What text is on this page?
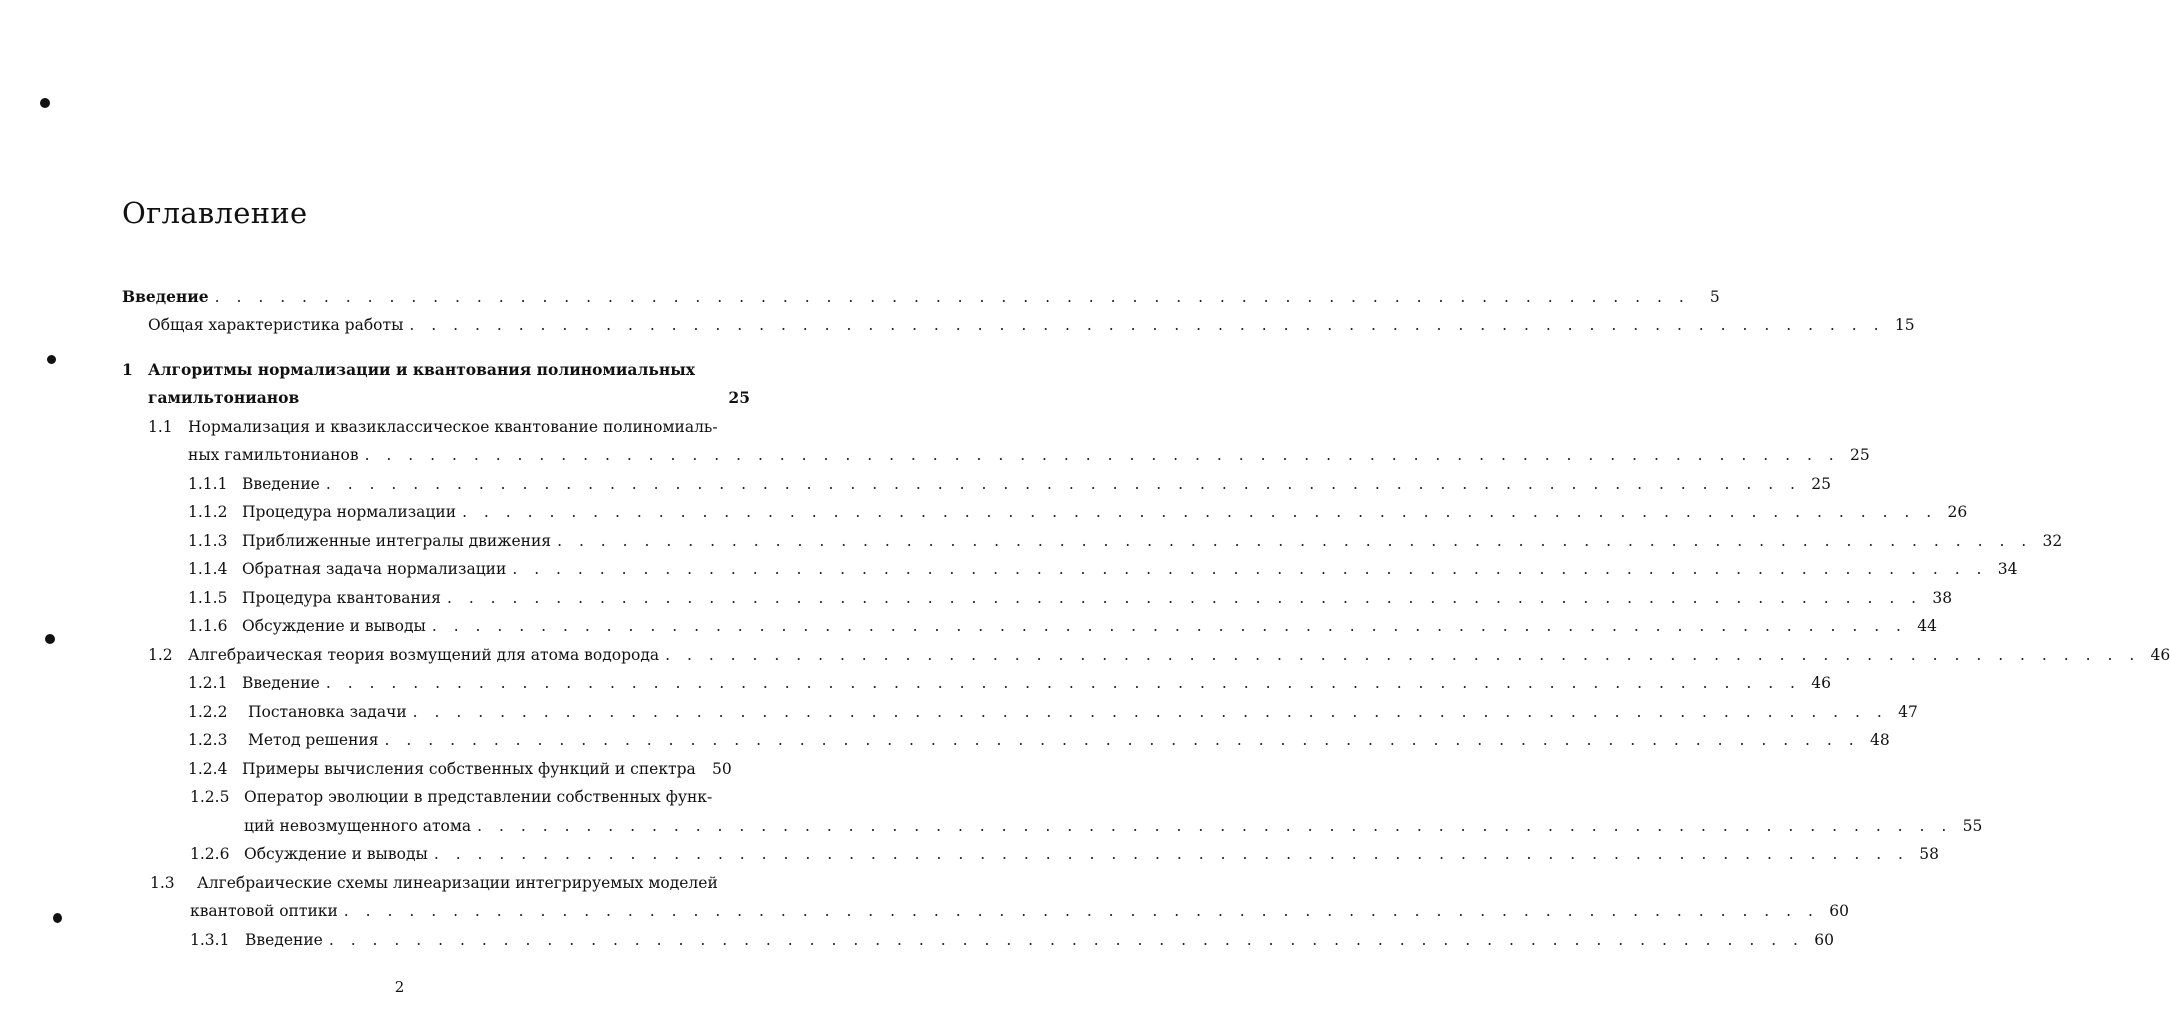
Оглавление
Введение . . .	5
Общая характеристика работы . . .	15
1 Алгоритмы нормализации и квантования полиномиальных
гамильтонианов	25
1.1 Нормализация и квазиклассическое квантование полиномиаль-
ных гамильтонианов . . .	25
1.1.1 Введение . . .	25
1.1.2 Процедура нормализации . . .	26
1.1.3 Приближенные интегралы движения . . .	32
1.1.4 Обратная задача нормализации . . .	34
1.1.5 Процедура квантования . . .	38
1.1.6 Обсуждение и выводы . . .	44
1.2 Алгебраическая теория возмущений для атома водорода . . .	46
1.2.1 Введение . . .	46
1.2.2	Постановка задачи . . .	47
1.2.3	Метод решения . . .	48
1.2.4 Примеры вычисления собственных функций и спектра 50
1.2.5 Оператор эволюции в представлении собственных функ-
ций невозмущенного атома . . .	55
1.2.6 Обсуждение и выводы . . .	58
1.3 Алгебраические схемы линеаризации интегрируемых моделей
квантовой оптики . . .	60
1.3.1	Введение . . .	60
2
